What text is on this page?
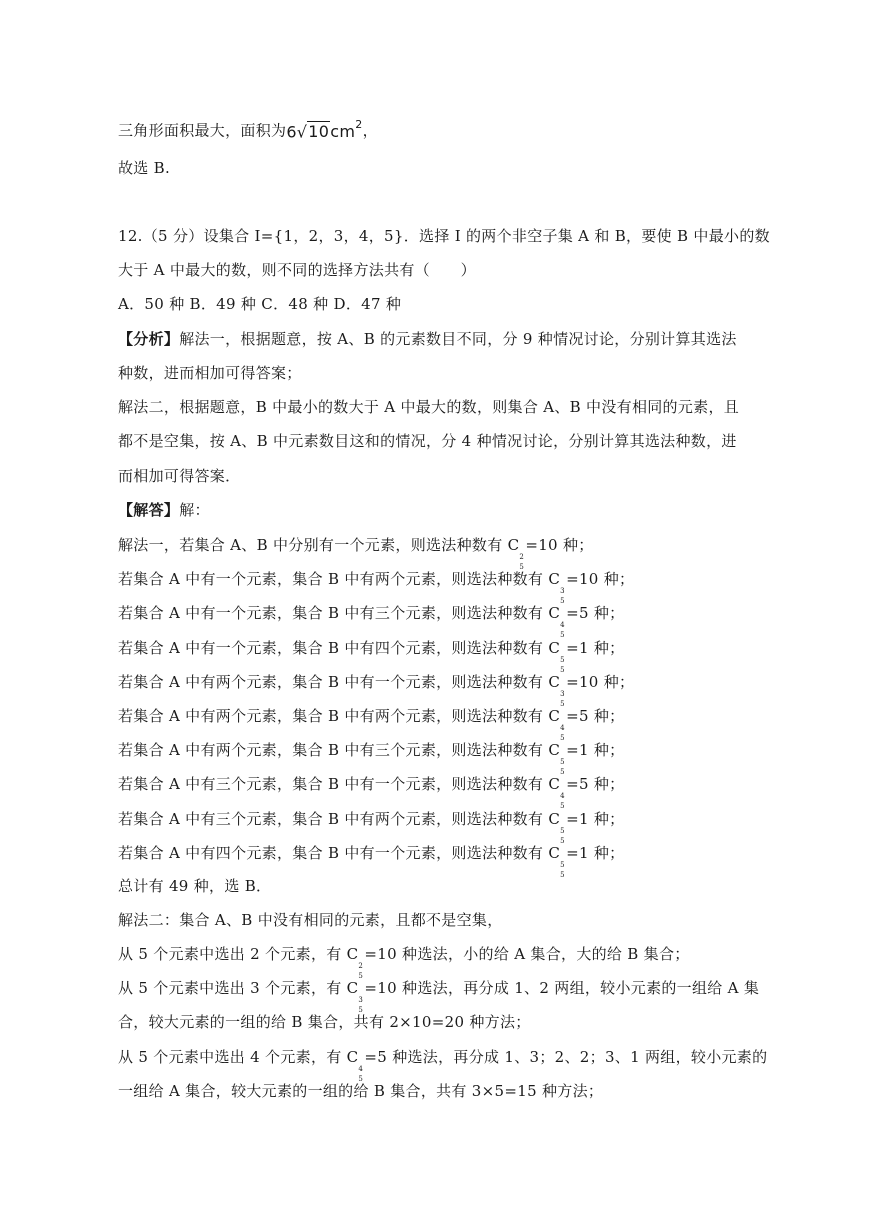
三角形面积最大，面积为$6√10cm^2$，
故选 B.
12.（5 分）设集合 I={1，2，3，4，5}．选择 I 的两个非空子集 A 和 B，要使 B 中最小的数
大于 A 中最大的数，则不同的选择方法共有（　　）
A．50 种 B．49 种 C．48 种 D．47 种
【分析】解法一，根据题意，按 A、B 的元素数目不同，分 9 种情况讨论，分别计算其选法
种数，进而相加可得答案；
解法二，根据题意，B 中最小的数大于 A 中最大的数，则集合 A、B 中没有相同的元素，且
都不是空集，按 A、B 中元素数目这和的情况，分 4 种情况讨论，分别计算其选法种数，进
而相加可得答案．
【解答】解：
解法一，若集合 A、B 中分别有一个元素，则选法种数有 C
2
5
=10 种；
若集合 A 中有一个元素，集合 B 中有两个元素，则选法种数有 C
3
5
=10 种；
若集合 A 中有一个元素，集合 B 中有三个元素，则选法种数有 C
4
5
=5 种；
若集合 A 中有一个元素，集合 B 中有四个元素，则选法种数有 C
5
5
=1 种；
若集合 A 中有两个元素，集合 B 中有一个元素，则选法种数有 C
3
5
=10 种；
若集合 A 中有两个元素，集合 B 中有两个元素，则选法种数有 C
4
5
=5 种；
若集合 A 中有两个元素，集合 B 中有三个元素，则选法种数有 C
5
5
=1 种；
若集合 A 中有三个元素，集合 B 中有一个元素，则选法种数有 C
4
5
=5 种；
若集合 A 中有三个元素，集合 B 中有两个元素，则选法种数有 C
5
5
=1 种；
若集合 A 中有四个元素，集合 B 中有一个元素，则选法种数有 C
5
5
=1 种；
总计有 49 种，选 B．
解法二：集合 A、B 中没有相同的元素，且都不是空集，
从 5 个元素中选出 2 个元素，有 C
2
5
=10 种选法，小的给 A 集合，大的给 B 集合；
从 5 个元素中选出 3 个元素，有 C
3
5
=10 种选法，再分成 1、2 两组，较小元素的一组给 A 集
合，较大元素的一组的给 B 集合，共有 2×10=20 种方法；
从 5 个元素中选出 4 个元素，有 C
4
5
=5 种选法，再分成 1、3；2、2；3、1 两组，较小元素的
一组给 A 集合，较大元素的一组的给 B 集合，共有 3×5=15 种方法；
